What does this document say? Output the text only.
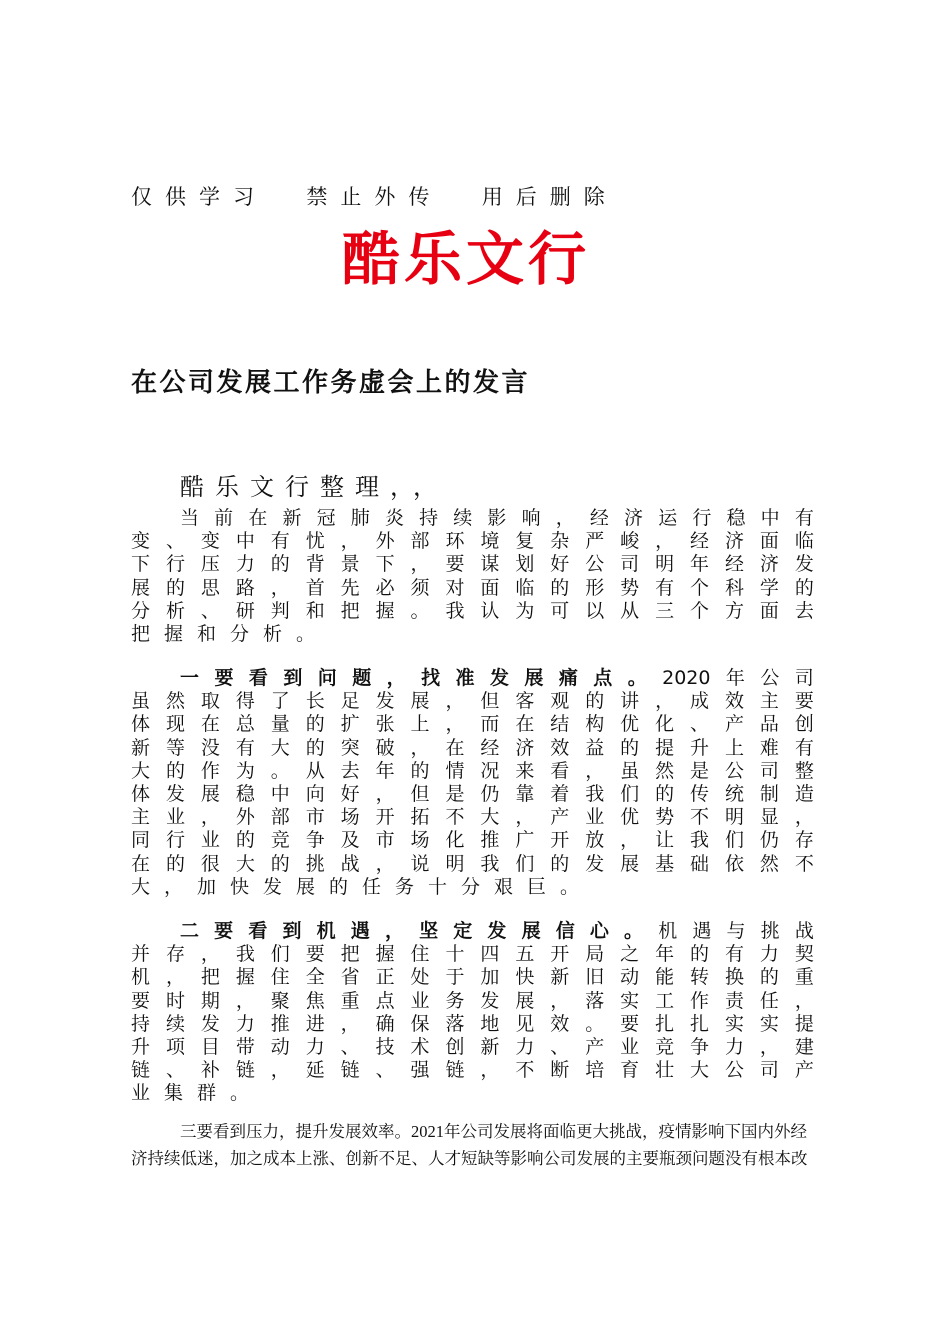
仅供学习  禁止外传  用后删除
酷乐文行
在公司发展工作务虚会上的发言
酷乐文行整理，，
当 前 在 新 冠 肺 炎 持 续 影 响 ， 经 济 运 行 稳 中 有
变 、 变 中 有 忧 ， 外 部 环 境 复 杂 严 峻 ， 经 济 面 临
下 行 压 力 的 背 景 下 ， 要 谋 划 好 公 司 明 年 经 济 发
展 的 思 路 ， 首 先 必 须 对 面 临 的 形 势 有 个 科 学 的
分 析 、 研 判 和 把 握 。 我 认 为 可 以 从 三 个 方 面 去
把握和分析。
一 要 看 到 问 题 ， 找 准 发 展 痛 点 。 2020 年 公 司
虽 然 取 得 了 长 足 发 展 ， 但 客 观 的 讲 ， 成 效 主 要
体 现 在 总 量 的 扩 张 上 ， 而 在 结 构 优 化 、 产 品 创
新 等 没 有 大 的 突 破 ， 在 经 济 效 益 的 提 升 上 难 有
大 的 作 为 。 从 去 年 的 情 况 来 看 ， 虽 然 是 公 司 整
体 发 展 稳 中 向 好 ， 但 是 仍 靠 着 我 们 的 传 统 制 造
主 业 ， 外 部 市 场 开 拓 不 大 ， 产 业 优 势 不 明 显 ，
同 行 业 的 竞 争 及 市 场 化 推 广 开 放 ， 让 我 们 仍 存
在 的 很 大 的 挑 战 ， 说 明 我 们 的 发 展 基 础 依 然 不
大，加快发展的任务十分艰巨。
二 要 看 到 机 遇 ， 坚 定 发 展 信 心 。 机 遇 与 挑 战
并 存 ， 我 们 要 把 握 住 十 四 五 开 局 之 年 的 有 力 契
机 ， 把 握 住 全 省 正 处 于 加 快 新 旧 动 能 转 换 的 重
要 时 期 ， 聚 焦 重 点 业 务 发 展 ， 落 实 工 作 责 任 ，
持 续 发 力 推 进 ， 确 保 落 地 见 效 。 要 扎 扎 实 实 提
升 项 目 带 动 力 、 技 术 创 新 力 、 产 业 竞 争 力 ， 建
链 、 补 链 ， 延 链 、 强 链 ， 不 断 培 育 壮 大 公 司 产
业集群。
三要看到压力，提升发展效率。2021年公司发展将面临更大挑战，疫情影响下国内外经
济持续低迷，加之成本上涨、创新不足、人才短缺等影响公司发展的主要瓶颈问题没有根本改
